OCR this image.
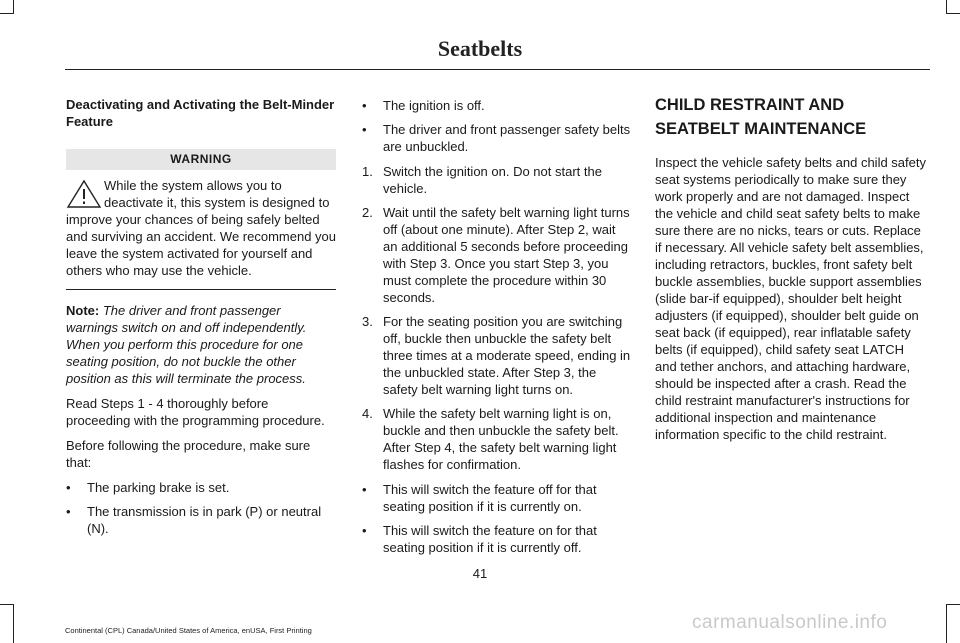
Seatbelts
Deactivating and Activating the Belt-Minder Feature
WARNING
While the system allows you to deactivate it, this system is designed to improve your chances of being safely belted and surviving an accident. We recommend you leave the system activated for yourself and others who may use the vehicle.

Note: The driver and front passenger warnings switch on and off independently. When you perform this procedure for one seating position, do not buckle the other position as this will terminate the process.

Read Steps 1 - 4 thoroughly before proceeding with the programming procedure.

Before following the procedure, make sure that:

• The parking brake is set.
• The transmission is in park (P) or neutral (N).
• The ignition is off.
• The driver and front passenger safety belts are unbuckled.
1. Switch the ignition on. Do not start the vehicle.
2. Wait until the safety belt warning light turns off (about one minute). After Step 2, wait an additional 5 seconds before proceeding with Step 3. Once you start Step 3, you must complete the procedure within 30 seconds.
3. For the seating position you are switching off, buckle then unbuckle the safety belt three times at a moderate speed, ending in the unbuckled state. After Step 3, the safety belt warning light turns on.
4. While the safety belt warning light is on, buckle and then unbuckle the safety belt. After Step 4, the safety belt warning light flashes for confirmation.
• This will switch the feature off for that seating position if it is currently on.
• This will switch the feature on for that seating position if it is currently off.
CHILD RESTRAINT AND SEATBELT MAINTENANCE

Inspect the vehicle safety belts and child safety seat systems periodically to make sure they work properly and are not damaged. Inspect the vehicle and child seat safety belts to make sure there are no nicks, tears or cuts. Replace if necessary. All vehicle safety belt assemblies, including retractors, buckles, front safety belt buckle assemblies, buckle support assemblies (slide bar-if equipped), shoulder belt height adjusters (if equipped), shoulder belt guide on seat back (if equipped), rear inflatable safety belts (if equipped), child safety seat LATCH and tether anchors, and attaching hardware, should be inspected after a crash. Read the child restraint manufacturer's instructions for additional inspection and maintenance information specific to the child restraint.

41
Continental (CPL) Canada/United States of America, enUSA, First Printing	carmanualsonline.info
